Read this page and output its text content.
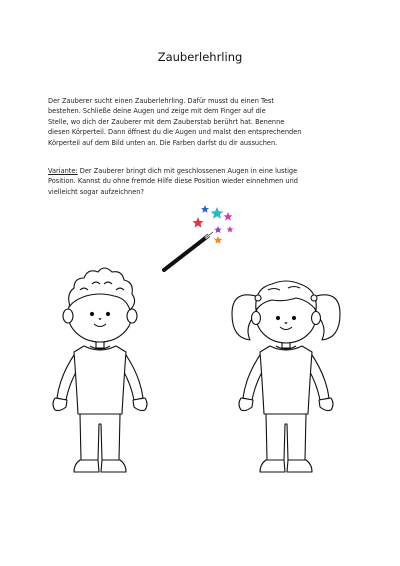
Zauberlehrling

Der Zauberer sucht einen Zauberlehrling. Dafür musst du einen Test
bestehen. Schließe deine Augen und zeige mit dem Finger auf die
Stelle, wo dich der Zauberer mit dem Zauberstab berührt hat. Benenne
diesen Körperteil. Dann öffnest du die Augen und malst den entsprechenden
Körperteil auf dem Bild unten an. Die Farben darfst du dir aussuchen.

Variante: Der Zauberer bringt dich mit geschlossenen Augen in eine lustige
Position. Kannst du ohne fremde Hilfe diese Position wieder einnehmen und
vielleicht sogar aufzeichnen?
